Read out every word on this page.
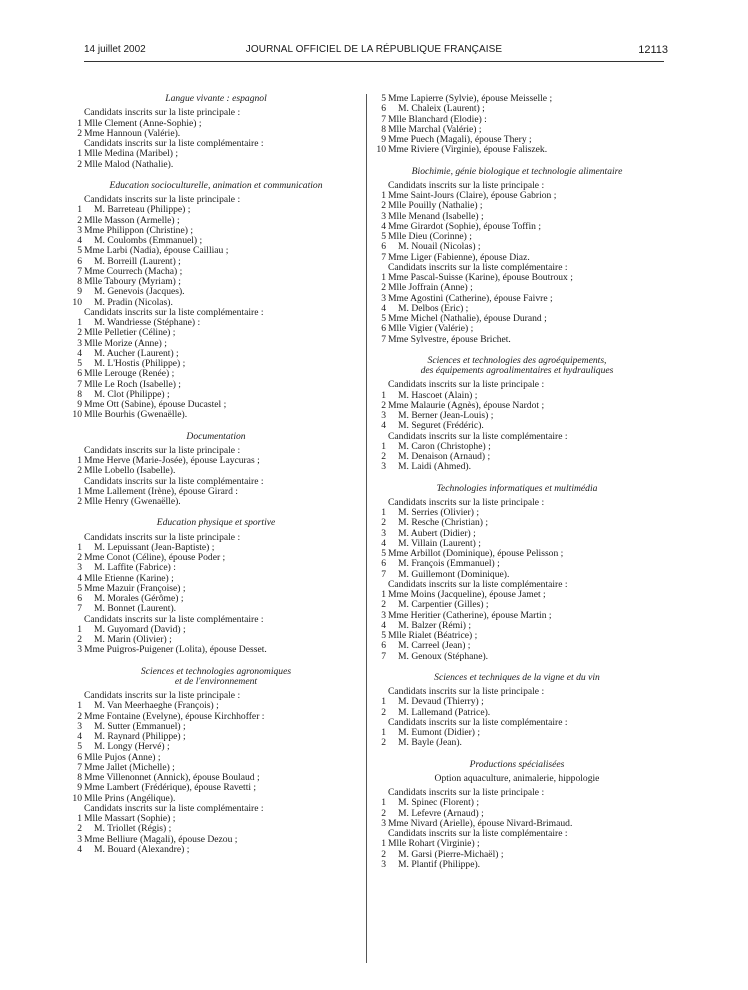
JOURNAL OFFICIEL DE LA RÉPUBLIQUE FRANÇAISE
14 juillet 2002	12113

Langue vivante : espagnol

Candidats inscrits sur la liste principale :

1 Mlle Clement (Anne-Sophie) ;
2 Mme Hannoun (Valérie).

Candidats inscrits sur la liste complémentaire :

1 Mlle Medina (Maribel) ;
2 Mlle Malod (Nathalie).

Education socioculturelle, animation et communication

Candidats inscrits sur la liste principale :

1	M. Barreteau (Philippe) ;
2 Mlle Masson (Armelle) ;
3 Mme Philippon (Christine) ;
4	M. Coulombs (Emmanuel) ;
5 Mme Larbi (Nadia), épouse Cailliau ;
6	M. Borreill (Laurent) ;
7 Mme Courrech (Macha) ;
8 Mlle Taboury (Myriam) ;
9	M. Genevois (Jacques).
10	M. Pradin (Nicolas).

Candidats inscrits sur la liste complémentaire :

1	M. Wandriesse (Stéphane) :
2 Mlle Pelletier (Céline) ;
3 Mlle Morize (Anne) ;
4	M. Aucher (Laurent) ;
5	M. L'Hostis (Philippe) ;
6 Mlle Lerouge (Renée) ;
7 Mlle Le Roch (Isabelle) ;
8	M. Clot (Philippe) ;
9 Mme Ott (Sabine), épouse Ducastel ;
10 Mlle Bourhis (Gwenaëlle).

Documentation

Candidats inscrits sur la liste principale :

1 Mme Herve (Marie-Josée), épouse Laycuras ;
2 Mlle Lobello (Isabelle).

Candidats inscrits sur la liste complémentaire :

1 Mme Lallement (Irène), épouse Girard :
2 Mlle Henry (Gwenaëlle).

Education physique et sportive

Candidats inscrits sur la liste principale :

1	M. Lepuissant (Jean-Baptiste) ;
2 Mme Conot (Céline), épouse Poder ;
3	M. Laffite (Fabrice) :
4 Mlle Etienne (Karine) ;
5 Mme Mazuir (Françoise) ;
6	M. Morales (Gérôme) ;
7	M. Bonnet (Laurent).

Candidats inscrits sur la liste complémentaire :

1	M. Guyomard (David) ;
2	M. Marin (Olivier) ;
3 Mme Puigros-Puigener (Lolita), épouse Desset.

Sciences et technologies agronomiques

et de l'environnement

Candidats inscrits sur la liste principale :

1	M. Van Meerhaeghe (François) ;
2 Mme Fontaine (Evelyne), épouse Kirchhoffer :
3	M. Sutter (Emmanuel) ;
4	M. Raynard (Philippe) ;
5	M. Longy (Hervé) ;
6 Mlle Pujos (Anne) ;
7 Mme Jallet (Michelle) ;
8 Mme Villenonnet (Annick), épouse Boulaud ;
9 Mme Lambert (Frédérique), épouse Ravetti ;
10 Mlle Prins (Angélique).

Candidats inscrits sur la liste complémentaire :

1 Mlle Massart (Sophie) ;
2	M. Triollet (Régis) ;
3 Mme Belliure (Magali), épouse Dezou ;
4	M. Bouard (Alexandre) ;
5 Mme Lapierre (Sylvie), épouse Meisselle ;
6	M. Chaleix (Laurent) ;
7 Mlle Blanchard (Elodie) :
8 Mlle Marchal (Valérie) ;
9 Mme Puech (Magali), épouse Thery ;
10 Mme Riviere (Virginie), épouse Faliszek.

Biochimie, génie biologique et technologie alimentaire

Candidats inscrits sur la liste principale :

1 Mme Saint-Jours (Claire), épouse Gabrion ;
2 Mlle Pouilly (Nathalie) ;
3 Mlle Menand (Isabelle) ;
4 Mme Girardot (Sophie), épouse Toffin ;
5 Mlle Dieu (Corinne) ;
6	M. Nouail (Nicolas) ;
7 Mme Liger (Fabienne), épouse Diaz.

Candidats inscrits sur la liste complémentaire :

1 Mme Pascal-Suisse (Karine), épouse Boutroux ;
2 Mlle Joffrain (Anne) ;
3 Mme Agostini (Catherine), épouse Faivre ;
4	M. Delbos (Eric) ;
5 Mme Michel (Nathalie), épouse Durand ;
6 Mlle Vigier (Valérie) ;
7 Mme Sylvestre, épouse Brichet.

Sciences et technologies des agroéquipements,

des équipements agroalimentaires et hydrauliques

Candidats inscrits sur la liste principale :

1	M. Hascoet (Alain) ;
2 Mme Malaurie (Agnès), épouse Nardot ;
3	M. Berner (Jean-Louis) ;
4	M. Seguret (Frédéric).

Candidats inscrits sur la liste complémentaire :

1	M. Caron (Christophe) ;
2	M. Denaison (Arnaud) ;
3	M. Laidi (Ahmed).

Technologies informatiques et multimédia

Candidats inscrits sur la liste principale :

1	M. Serries (Olivier) ;
2	M. Resche (Christian) ;
3	M. Aubert (Didier) ;
4	M. Villain (Laurent) ;
5 Mme Arbillot (Dominique), épouse Pelisson ;
6	M. François (Emmanuel) ;
7	M. Guillemont (Dominique).

Candidats inscrits sur la liste complémentaire :

1 Mme Moins (Jacqueline), épouse Jamet ;
2	M. Carpentier (Gilles) ;
3 Mme Heritier (Catherine), épouse Martin ;
4	M. Balzer (Rémi) ;
5 Mlle Rialet (Béatrice) ;
6	M. Carreel (Jean) ;
7	M. Genoux (Stéphane).

Sciences et techniques de la vigne et du vin

Candidats inscrits sur la liste principale :

1	M. Devaud (Thierry) ;
2	M. Lallemand (Patrice).

Candidats inscrits sur la liste complémentaire :

1	M. Eumont (Didier) ;
2	M. Bayle (Jean).

Productions spécialisées

Option aquaculture, animalerie, hippologie

Candidats inscrits sur la liste principale :

1	M. Spinec (Florent) ;
2	M. Lefevre (Arnaud) ;
3 Mme Nivard (Arielle), épouse Nivard-Brimaud.

Candidats inscrits sur la liste complémentaire :

1 Mlle Rohart (Virginie) ;
2	M. Garsi (Pierre-Michaël) ;
3	M. Plantif (Philippe).
